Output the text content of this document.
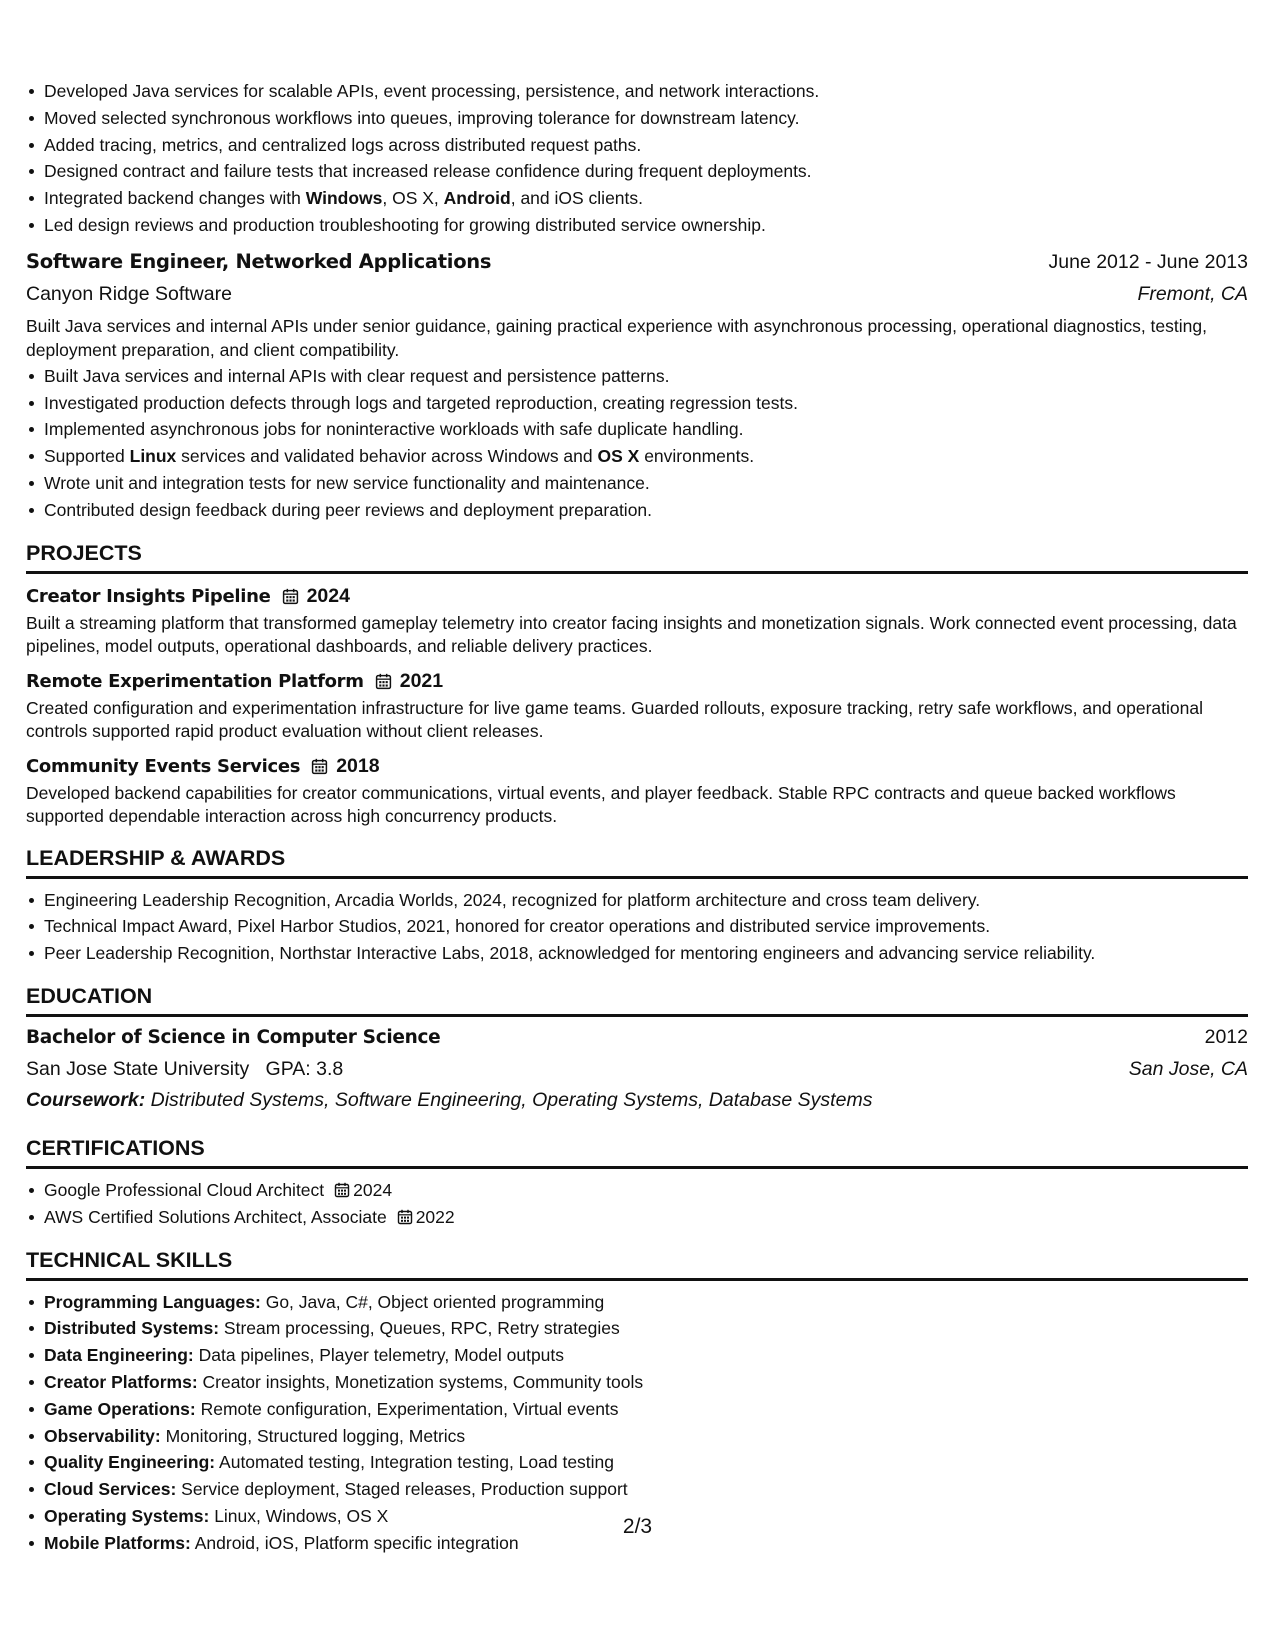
Developed Java services for scalable APIs, event processing, persistence, and network interactions.
Moved selected synchronous workflows into queues, improving tolerance for downstream latency.
Added tracing, metrics, and centralized logs across distributed request paths.
Designed contract and failure tests that increased release confidence during frequent deployments.
Integrated backend changes with Windows, OS X, Android, and iOS clients.
Led design reviews and production troubleshooting for growing distributed service ownership.
Software Engineer, Networked Applications	June 2012 - June 2013
Canyon Ridge Software	Fremont, CA
Built Java services and internal APIs under senior guidance, gaining practical experience with asynchronous processing, operational diagnostics, testing, deployment preparation, and client compatibility.
Built Java services and internal APIs with clear request and persistence patterns.
Investigated production defects through logs and targeted reproduction, creating regression tests.
Implemented asynchronous jobs for noninteractive workloads with safe duplicate handling.
Supported Linux services and validated behavior across Windows and OS X environments.
Wrote unit and integration tests for new service functionality and maintenance.
Contributed design feedback during peer reviews and deployment preparation.
PROJECTS
Creator Insights Pipeline 2024
Built a streaming platform that transformed gameplay telemetry into creator facing insights and monetization signals. Work connected event processing, data pipelines, model outputs, operational dashboards, and reliable delivery practices.
Remote Experimentation Platform 2021
Created configuration and experimentation infrastructure for live game teams. Guarded rollouts, exposure tracking, retry safe workflows, and operational controls supported rapid product evaluation without client releases.
Community Events Services 2018
Developed backend capabilities for creator communications, virtual events, and player feedback. Stable RPC contracts and queue backed workflows supported dependable interaction across high concurrency products.
LEADERSHIP & AWARDS
Engineering Leadership Recognition, Arcadia Worlds, 2024, recognized for platform architecture and cross team delivery.
Technical Impact Award, Pixel Harbor Studios, 2021, honored for creator operations and distributed service improvements.
Peer Leadership Recognition, Northstar Interactive Labs, 2018, acknowledged for mentoring engineers and advancing service reliability.
EDUCATION
Bachelor of Science in Computer Science	2012
San Jose State University GPA: 3.8	San Jose, CA
Coursework: Distributed Systems, Software Engineering, Operating Systems, Database Systems
CERTIFICATIONS
Google Professional Cloud Architect 2024
AWS Certified Solutions Architect, Associate 2022
TECHNICAL SKILLS
Programming Languages: Go, Java, C#, Object oriented programming
Distributed Systems: Stream processing, Queues, RPC, Retry strategies
Data Engineering: Data pipelines, Player telemetry, Model outputs
Creator Platforms: Creator insights, Monetization systems, Community tools
Game Operations: Remote configuration, Experimentation, Virtual events
Observability: Monitoring, Structured logging, Metrics
Quality Engineering: Automated testing, Integration testing, Load testing
Cloud Services: Service deployment, Staged releases, Production support
Operating Systems: Linux, Windows, OS X
Mobile Platforms: Android, iOS, Platform specific integration
2/3
